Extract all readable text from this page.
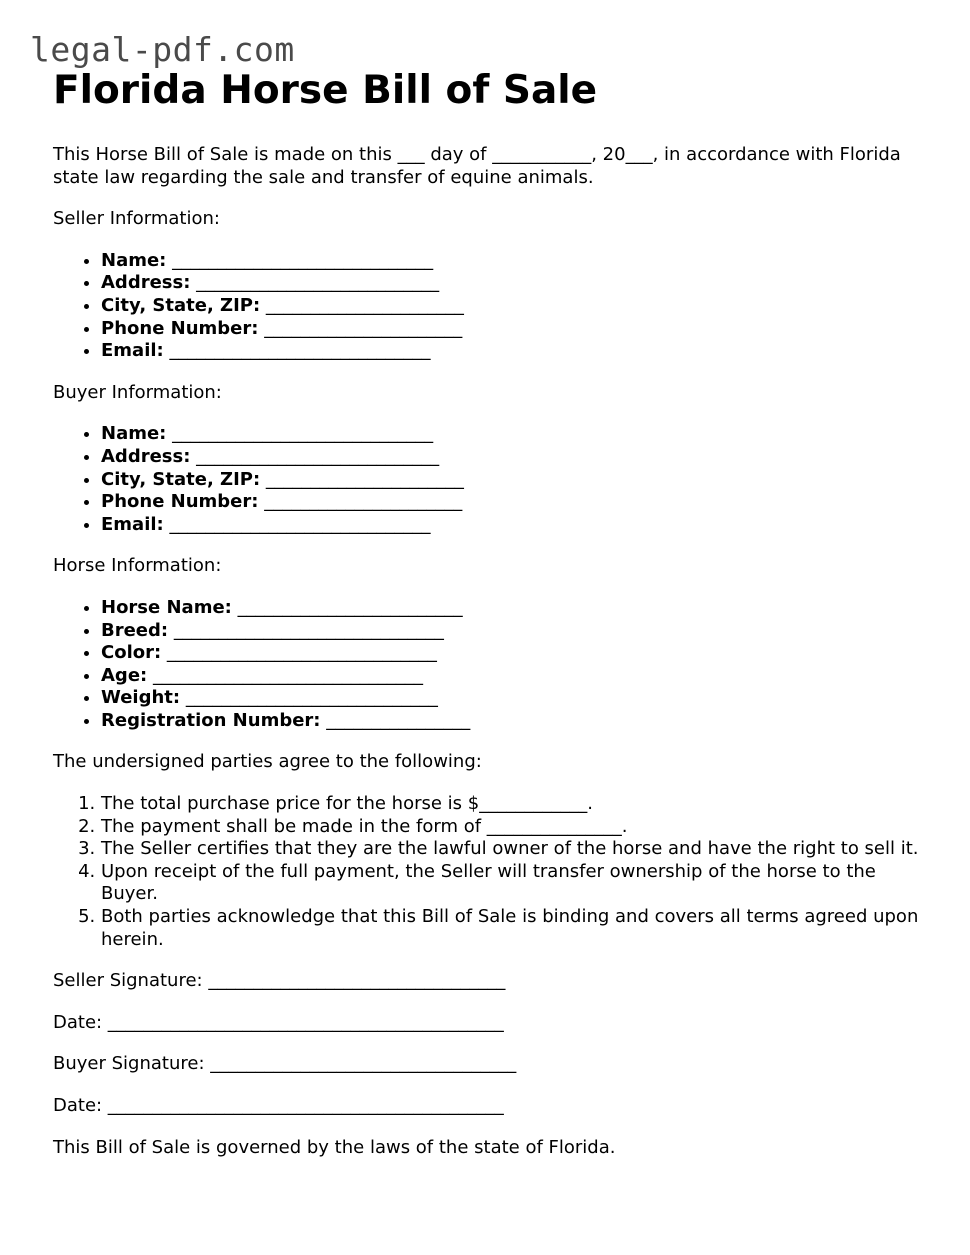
legal-pdf.com
Florida Horse Bill of Sale

This Horse Bill of Sale is made on this ___ day of ___________, 20___, in accordance with Florida state law regarding the sale and transfer of equine animals.

Seller Information:

• Name: _____________________________
• Address: ___________________________
• City, State, ZIP: ______________________
• Phone Number: ______________________
• Email: _____________________________

Buyer Information:

• Name: _____________________________
• Address: ___________________________
• City, State, ZIP: ______________________
• Phone Number: ______________________
• Email: _____________________________

Horse Information:

• Horse Name: _________________________
• Breed: ______________________________
• Color: ______________________________
• Age: ______________________________
• Weight: ____________________________
• Registration Number: ________________

The undersigned parties agree to the following:

1. The total purchase price for the horse is $____________.
2. The payment shall be made in the form of _______________.
3. The Seller certifies that they are the lawful owner of the horse and have the right to sell it.
4. Upon receipt of the full payment, the Seller will transfer ownership of the horse to the Buyer.
5. Both parties acknowledge that this Bill of Sale is binding and covers all terms agreed upon herein.

Seller Signature: _________________________________

Date: ____________________________________________

Buyer Signature: __________________________________

Date: ____________________________________________

This Bill of Sale is governed by the laws of the state of Florida.
